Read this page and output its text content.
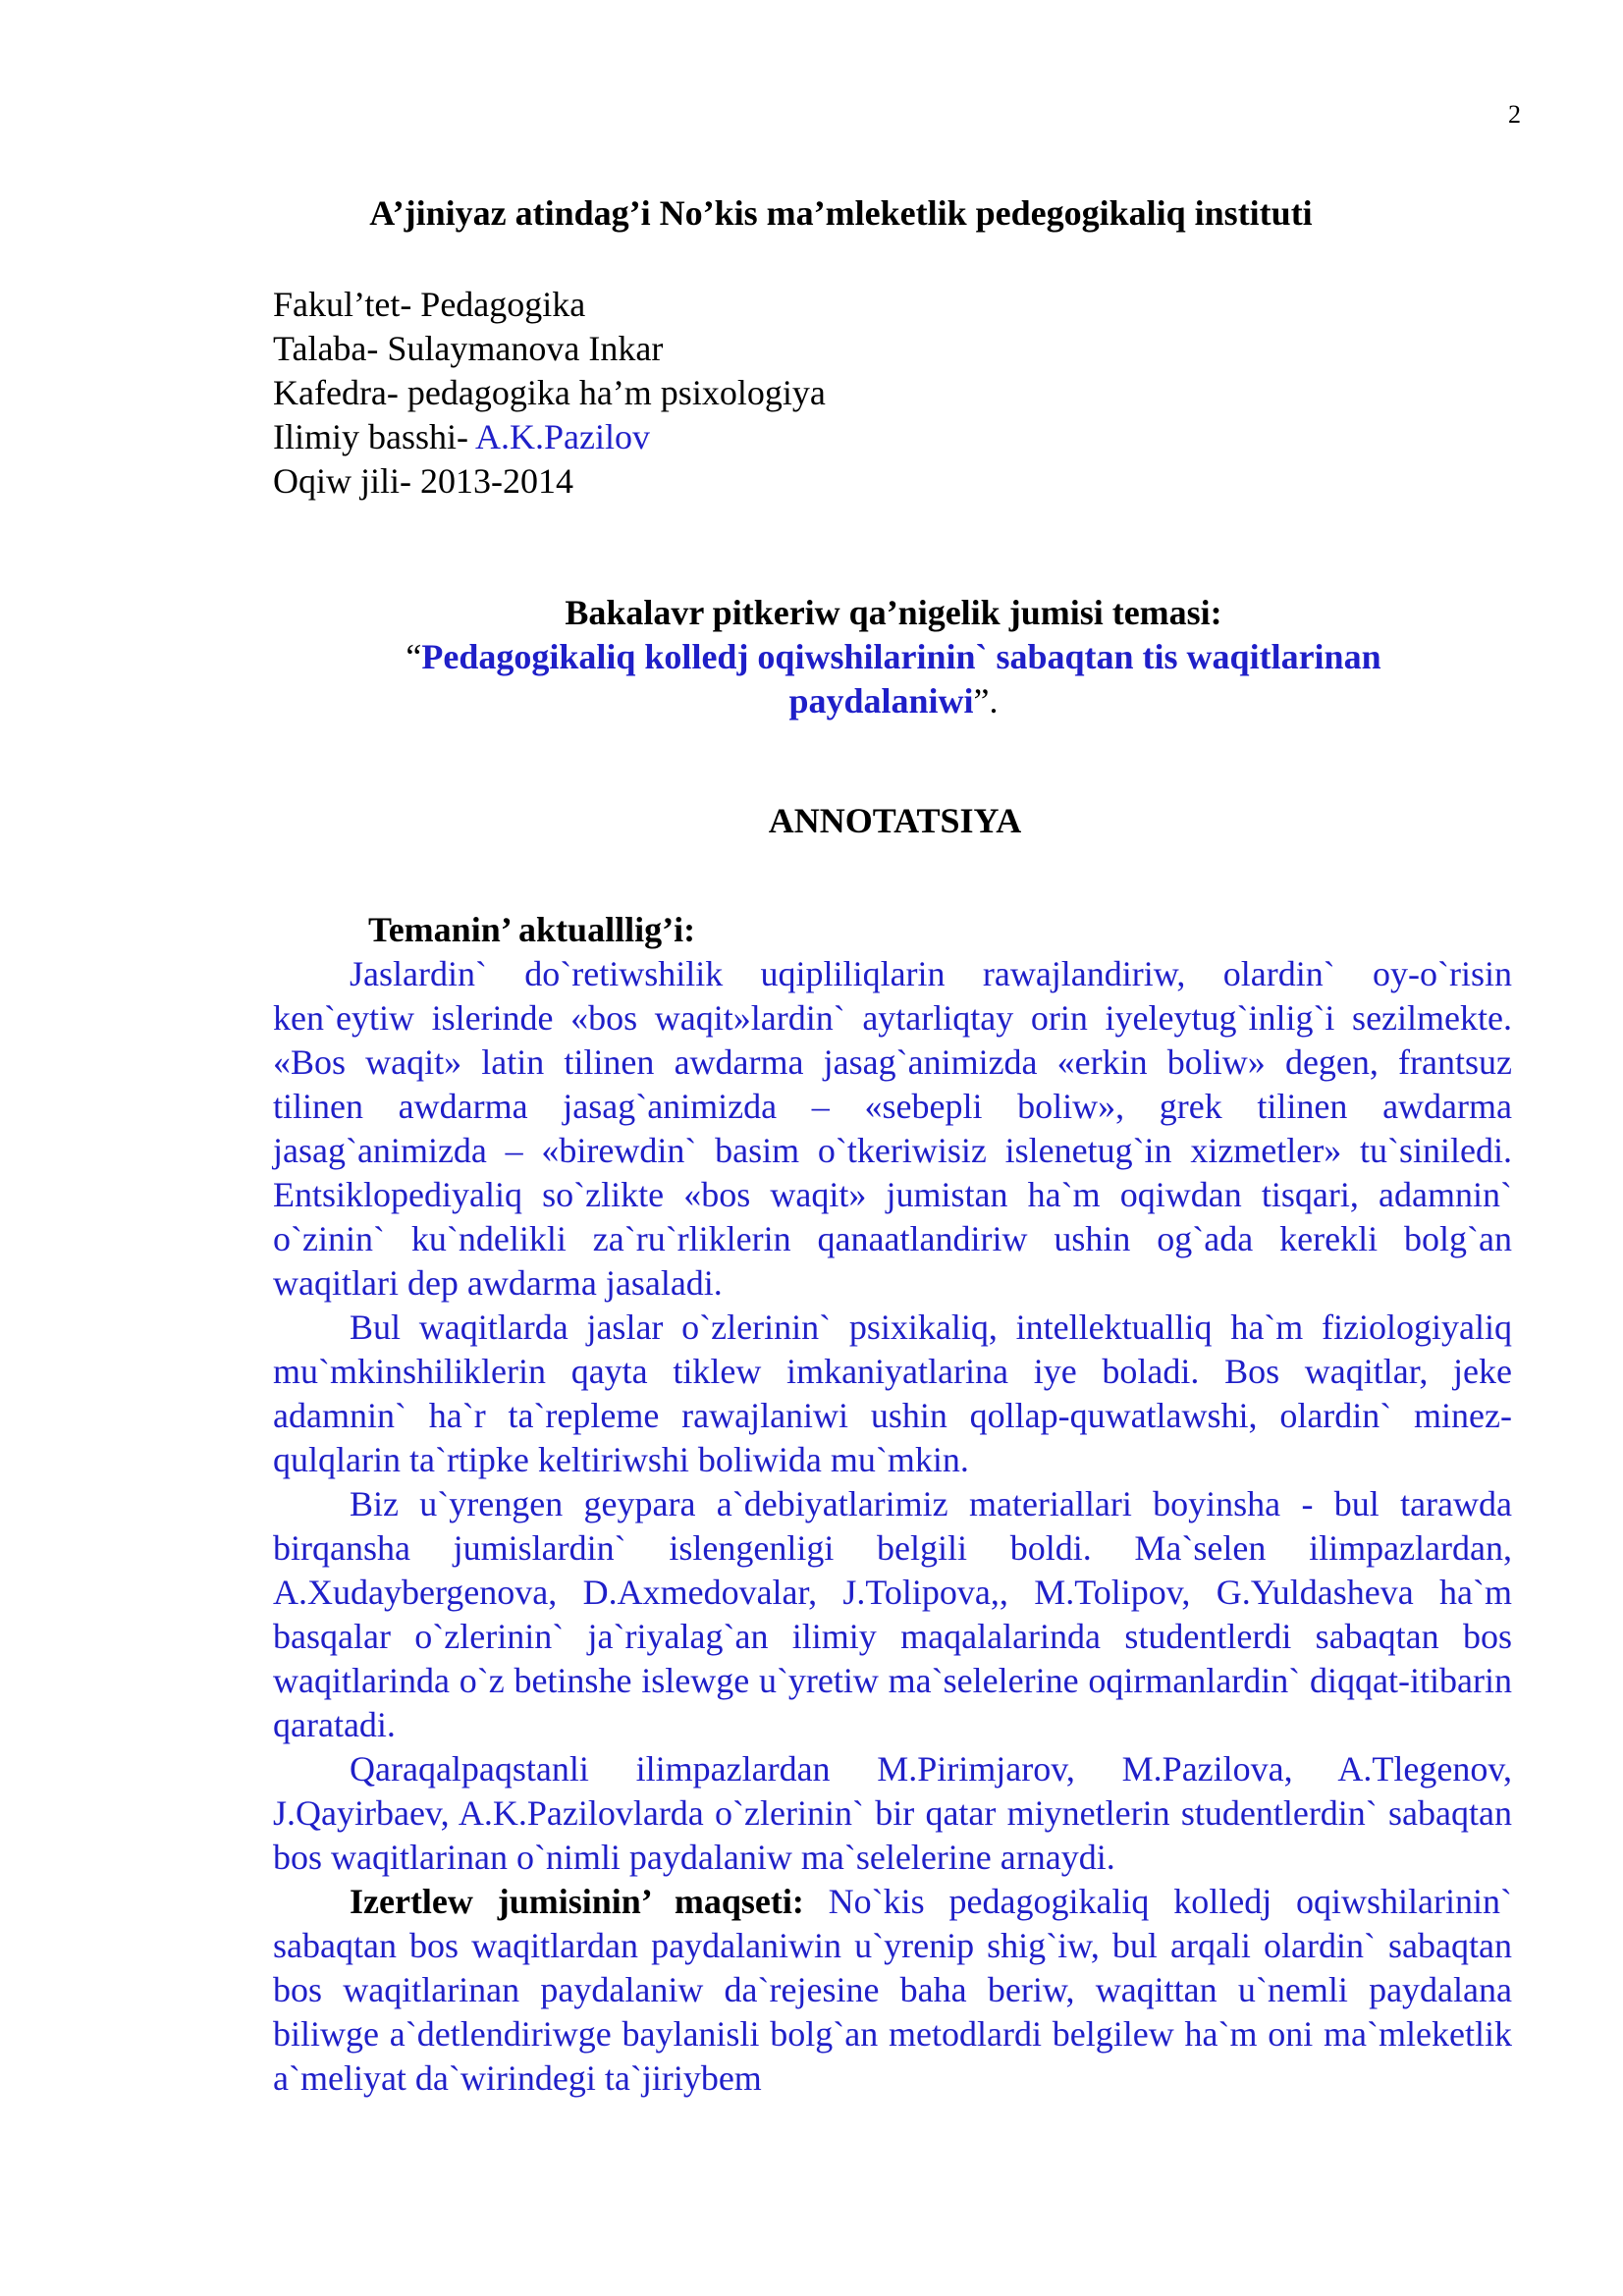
2
A’jiniyaz atindag’i No’kis ma’mleketlik pedegogikaliq instituti
Fakul’tet- Pedagogika
Talaba- Sulaymanova Inkar
Kafedra- pedagogika ha’m psixologiya
Ilimiy basshi- A.K.Pazilov
Oqiw jili- 2013-2014
Bakalavr pitkeriw qa’nigelik jumisi temasi:
“Pedagogikaliq kolledj oqiwshilarinin` sabaqtan tis waqitlarinan paydalaniwi”.
ANNOTATSIYA
Temanin’ aktualllig’i:

Jaslardin` do`retiwshilik uqipliliqlarin rawajlandiriw, olardin` oy-o`risin ken`eytiw islerinde «bos waqit»lardin` aytarliqtay orin iyeleytug`inlig`i sezilmekte. «Bos waqit» latin tilinen awdarma jasag`animizda «erkin boliw» degen, frantsuz tilinen awdarma jasag`animizda – «sebepli boliw», grek tilinen awdarma jasag`animizda – «birewdin` basim o`tkeriwisiz islenetug`in xizmetler» tu`siniledi. Entsiklopediyaliq so`zlikte «bos waqit» jumistan ha`m oqiwdan tisqari, adamnin` o`zinin` ku`ndelikli za`ru`rliklerin qanaatlandiriw ushin og`ada kerekli bolg`an waqitlari dep awdarma jasaladi.

Bul waqitlarda jaslar o`zlerinin` psixikaliq, intellektualliq ha`m fiziologiyaliq mu`mkinshiliklerin qayta tiklew imkaniyatlarina iye boladi. Bos waqitlar, jeke adamnin` ha`r ta`repleme rawajlaniwi ushin qollap-quwatlawshi, olardin` minez-qulqlarin ta`rtipke keltiriwshi boliwida mu`mkin.

Biz u`yrengen geypara a`debiyatlarimiz materiallari boyinsha - bul tarawda birqansha jumislardin` islengenligi belgili boldi. Ma`selen ilimpazlardan, A.Xudaybergenova, D.Axmedovalar, J.Tolipova,, M.Tolipov, G.Yuldasheva ha`m basqalar o`zlerinin` ja`riyalag`an ilimiy maqalalarinda studentlerdi sabaqtan bos waqitlarinda o`z betinshe islewge u`yretiw ma`selelerine oqirmanlardin` diqqat-itibarin qaratadi.

Qaraqalpaqstanli ilimpazlardan M.Pirimjarov, M.Pazilova, A.Tlegenov, J.Qayirbaev, A.K.Pazilovlarda o`zlerinin` bir qatar miynetlerin studentlerdin` sabaqtan bos waqitlarinan o`nimli paydalaniw ma`selelerine arnaydi.

Izertlew jumisinin’ maqseti: No`kis pedagogikaliq kolledj oqiwshilarinin` sabaqtan bos waqitlardan paydalaniwin u`yrenip shig`iw, bul arqali olardin` sabaqtan bos waqitlarinan paydalaniw da`rejesine baha beriw, waqittan u`nemli paydalana biliwge a`detlendiriwge baylanisli bolg`an metodlardi belgilew ha`m oni ma`mleketlik a`meliyat da`wirindegi ta`jiriybem
